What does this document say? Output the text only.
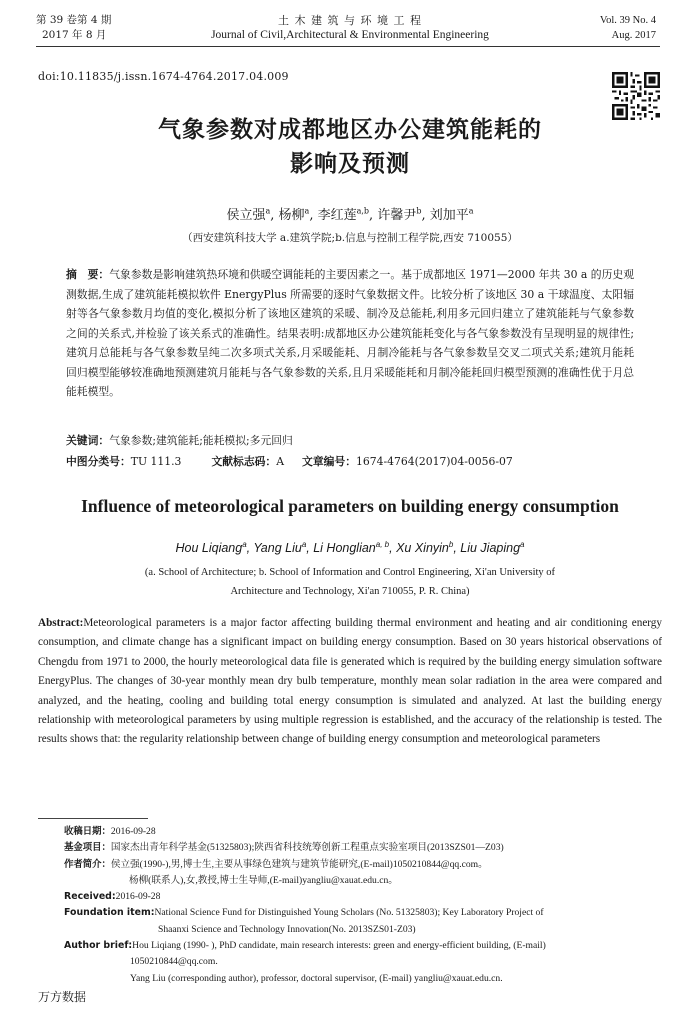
第 39 卷第 4 期
2017 年 8 月
土 木 建 筑 与 环 境 工 程
Journal of Civil,Architectural & Environmental Engineering
Vol. 39 No. 4
Aug. 2017
doi:10.11835/j.issn.1674-4764.2017.04.009
气象参数对成都地区办公建筑能耗的
影响及预测
侯立强$^a$, 杨柳$^a$, 李红莲$^{a,b}$, 许馨尹$^b$, 刘加平$^a$
（西安建筑科技大学 a.建筑学院;b.信息与控制工程学院,西安 710055）
摘　要：气象参数是影响建筑热环境和供暖空调能耗的主要因素之一。基于成都地区 1971—2000 年共 30 a 的历史观测数据,生成了建筑能耗模拟软件 EnergyPlus 所需要的逐时气象数据文件。比较分析了该地区 30 a 干球温度、太阳辐射等各气象参数月均值的变化,模拟分析了该地区建筑的采暖、制冷及总能耗,利用多元回归建立了建筑能耗与气象参数之间的关系式,并检验了该关系式的准确性。结果表明:成都地区办公建筑能耗变化与各气象参数没有呈现明显的规律性;建筑月总能耗与各气象参数呈纯二次多项式关系,月采暖能耗、月制冷能耗与各气象参数呈交叉二项式关系;建筑月能耗回归模型能够较准确地预测建筑月能耗与各气象参数的关系,且月采暖能耗和月制冷能耗回归模型预测的准确性优于月总能耗模型。
关键词：气象参数;建筑能耗;能耗模拟;多元回归
中图分类号：TU 111.3	文献标志码：A 文章编号：1674-4764(2017)04-0056-07
Influence of meteorological parameters on building energy consumption
Hou Liqiang$^a$, Yang Liu$^a$, Li Honglian$^{a, b}$, Xu Xinyin$^b$, Liu Jiaping$^a$
(a. School of Architecture; b. School of Information and Control Engineering, Xi'an University of Architecture and Technology, Xi'an 710055, P. R. China)
Abstract:Meteorological parameters is a major factor affecting building thermal environment and heating and air conditioning energy consumption, and climate change has a significant impact on building energy consumption. Based on 30 years historical observations of Chengdu from 1971 to 2000, the hourly meteorological data file is generated which is required by the building energy simulation software EnergyPlus. The changes of 30-year monthly mean dry bulb temperature, monthly mean solar radiation in the area were compared and analyzed, and the heating, cooling and building total energy consumption is simulated and analyzed. At last the building energy relationship with meteorological parameters by using multiple regression is established, and the accuracy of the relationship is tested. The results shows that: the regularity relationship between change of building energy consumption and meteorological parameters
收稿日期：2016-09-28
基金项目：国家杰出青年科学基金(51325803);陕西省科技统筹创新工程重点实验室项目(2013SZS01—Z03)
作者简介：侯立强(1990-),男,博士生,主要从事绿色建筑与建筑节能研究,(E-mail)1050210844@qq.com。
杨柳(联系人),女,教授,博士生导师,(E-mail)yangliu@xauat.edu.cn。
Received:2016-09-28
Foundation item:National Science Fund for Distinguished Young Scholars (No. 51325803); Key Laboratory Project of
Shaanxi Science and Technology Innovation(No. 2013SZS01-Z03)
Author brief:Hou Liqiang (1990- ), PhD candidate, main research interests: green and energy-efficient building, (E-mail)
1050210844@qq.com.
Yang Liu (corresponding author), professor, doctoral supervisor, (E-mail) yangliu@xauat.edu.cn.
万方数据
